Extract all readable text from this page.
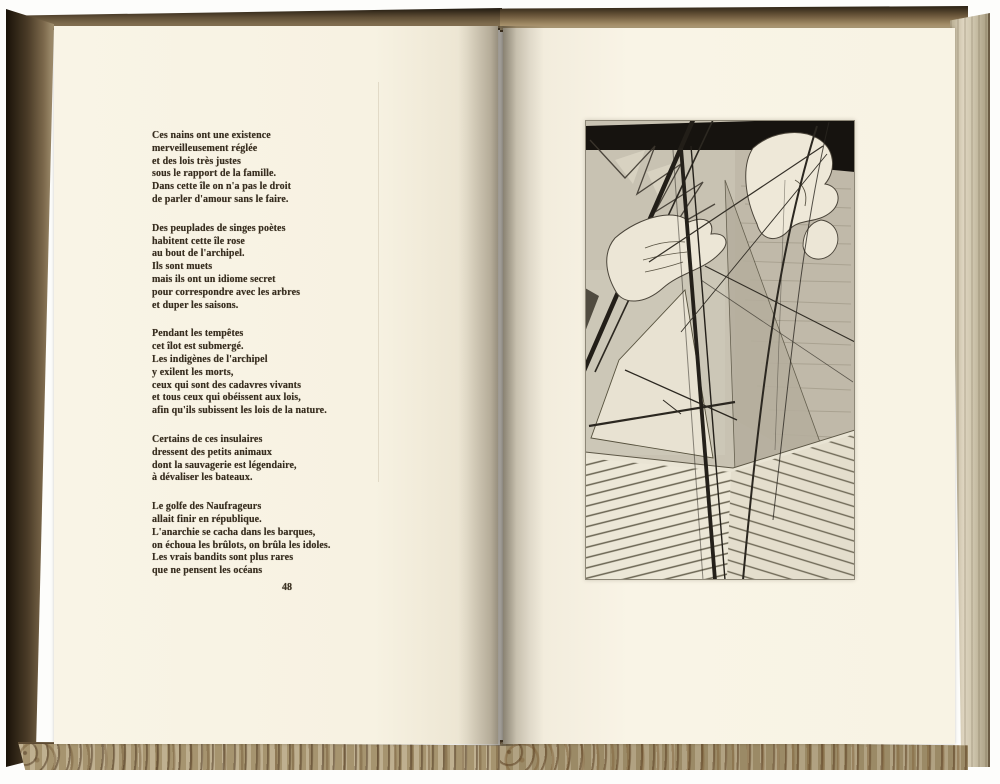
Ces nains ont une existence
merveilleusement réglée
et des lois très justes
sous le rapport de la famille.
Dans cette île on n'a pas le droit
de parler d'amour sans le faire.
Des peuplades de singes poètes
habitent cette île rose
au bout de l'archipel.
Ils sont muets
mais ils ont un idiome secret
pour correspondre avec les arbres
et duper les saisons.
Pendant les tempêtes
cet îlot est submergé.
Les indigènes de l'archipel
y exilent les morts,
ceux qui sont des cadavres vivants
et tous ceux qui obéissent aux lois,
afin qu'ils subissent les lois de la nature.
Certains de ces insulaires
dressent des petits animaux
dont la sauvagerie est légendaire,
à dévaliser les bateaux.
Le golfe des Naufrageurs
allait finir en république.
L'anarchie se cacha dans les barques,
on échoua les brûlots, on brûla les idoles.
Les vrais bandits sont plus rares
que ne pensent les océans
48
